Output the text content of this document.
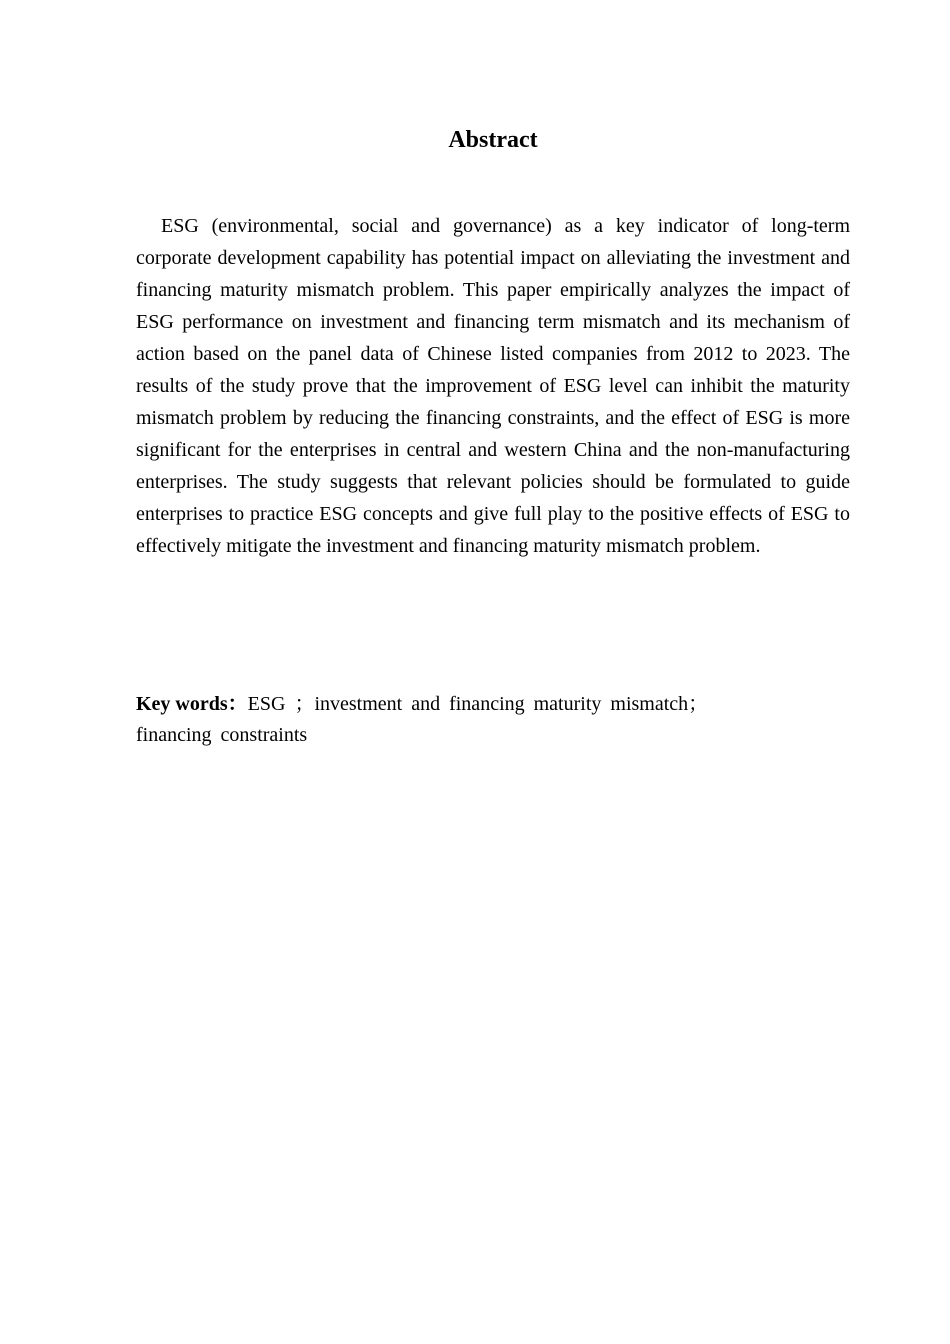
Abstract

ESG (environmental, social and governance) as a key indicator of long-term corporate development capability has potential impact on alleviating the investment and financing maturity mismatch problem. This paper empirically analyzes the impact of ESG performance on investment and financing term mismatch and its mechanism of action based on the panel data of Chinese listed companies from 2012 to 2023. The results of the study prove that the improvement of ESG level can inhibit the maturity mismatch problem by reducing the financing constraints, and the effect of ESG is more significant for the enterprises in central and western China and the non-manufacturing enterprises. The study suggests that relevant policies should be formulated to guide enterprises to practice ESG concepts and give full play to the positive effects of ESG to effectively mitigate the investment and financing maturity mismatch problem.

Key words：ESG ；investment and financing maturity mismatch； financing constraints
